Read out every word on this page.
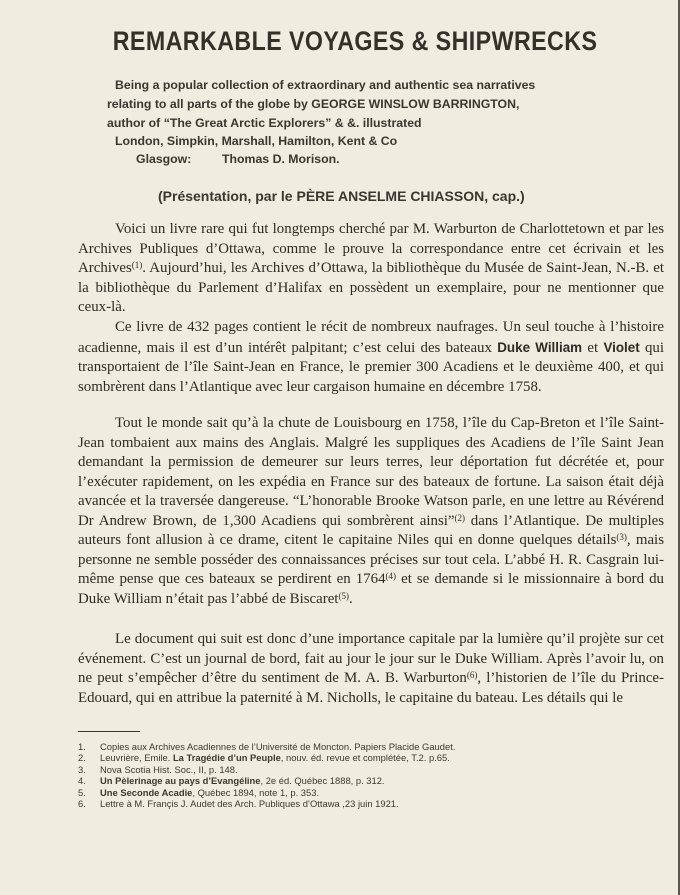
REMARKABLE VOYAGES & SHIPWRECKS
Being a popular collection of extraordinary and authentic sea narratives
relating to all parts of the globe by GEORGE WINSLOW BARRINGTON,
author of “The Great Arctic Explorers” & &. illustrated
London, Simpkin, Marshall, Hamilton, Kent & Co
Glasgow: Thomas D. Morison.
(Présentation, par le PÈRE ANSELME CHIASSON, cap.)

Voici un livre rare qui fut longtemps cherché par M. Warburton de Charlottetown et par les Archives Publiques d’Ottawa, comme le prouve la correspondance entre cet écrivain et les Archives$^{(1)}$. Aujourd’hui, les Archives d’Ottawa, la bibliothèque du Musée de Saint-Jean, N.-B. et la bibliothèque du Parlement d’Halifax en possèdent un exemplaire, pour ne mentionner que ceux-là.

Ce livre de 432 pages contient le récit de nombreux naufrages. Un seul touche à l’histoire acadienne, mais il est d’un intérêt palpitant; c’est celui des bateaux Duke William et Violet qui transportaient de l’île Saint-Jean en France, le premier 300 Acadiens et le deuxième 400, et qui sombrèrent dans l’Atlantique avec leur cargaison humaine en décembre 1758.

Tout le monde sait qu’à la chute de Louisbourg en 1758, l’île du Cap-Breton et l’île Saint-Jean tombaient aux mains des Anglais. Malgré les suppliques des Acadiens de l’île Saint Jean demandant la permission de demeurer sur leurs terres, leur déportation fut décrétée et, pour l’exécuter rapidement, on les expédia en France sur des bateaux de fortune. La saison était déjà avancée et la traversée dangereuse. “L’honorable Brooke Watson parle, en une lettre au Révérend Dr Andrew Brown, de 1,300 Acadiens qui sombrèrent ainsi”$^{(2)}$ dans l’Atlantique. De multiples auteurs font allusion à ce drame, citent le capitaine Niles qui en donne quelques détails$^{(3)}$, mais personne ne semble posséder des connaissances précises sur tout cela. L’abbé H. R. Casgrain lui-même pense que ces bateaux se perdirent en 1764$^{(4)}$ et se demande si le missionnaire à bord du Duke William n’était pas l’abbé de Biscaret$^{(5)}$.

Le document qui suit est donc d’une importance capitale par la lumière qu’il projète sur cet événement. C’est un journal de bord, fait au jour le jour sur le Duke William. Après l’avoir lu, on ne peut s’empêcher d’être du sentiment de M. A. B. Warburton$^{(6)}$, l’historien de l’île du Prince-Edouard, qui en attribue la paternité à M. Nicholls, le capitaine du bateau. Les détails qui le

1.	Copies aux Archives Acadiennes de l’Université de Moncton. Papiers Placide Gaudet.
2.	Leuvrière, Emile. La Tragédie d’un Peuple, nouv. éd. revue et complétée, T.2. p.65.
3.	Nova Scotia Hist. Soc., II, p. 148.
4.	Un Pèlerinage au pays d’Evangéline, 2e éd. Québec 1888, p. 312.
5.	Une Seconde Acadie, Québec 1894, note 1, p. 353.
6.	Lettre à M. Françis J. Audet des Arch. Publiques d’Ottawa ,23 juin 1921.
